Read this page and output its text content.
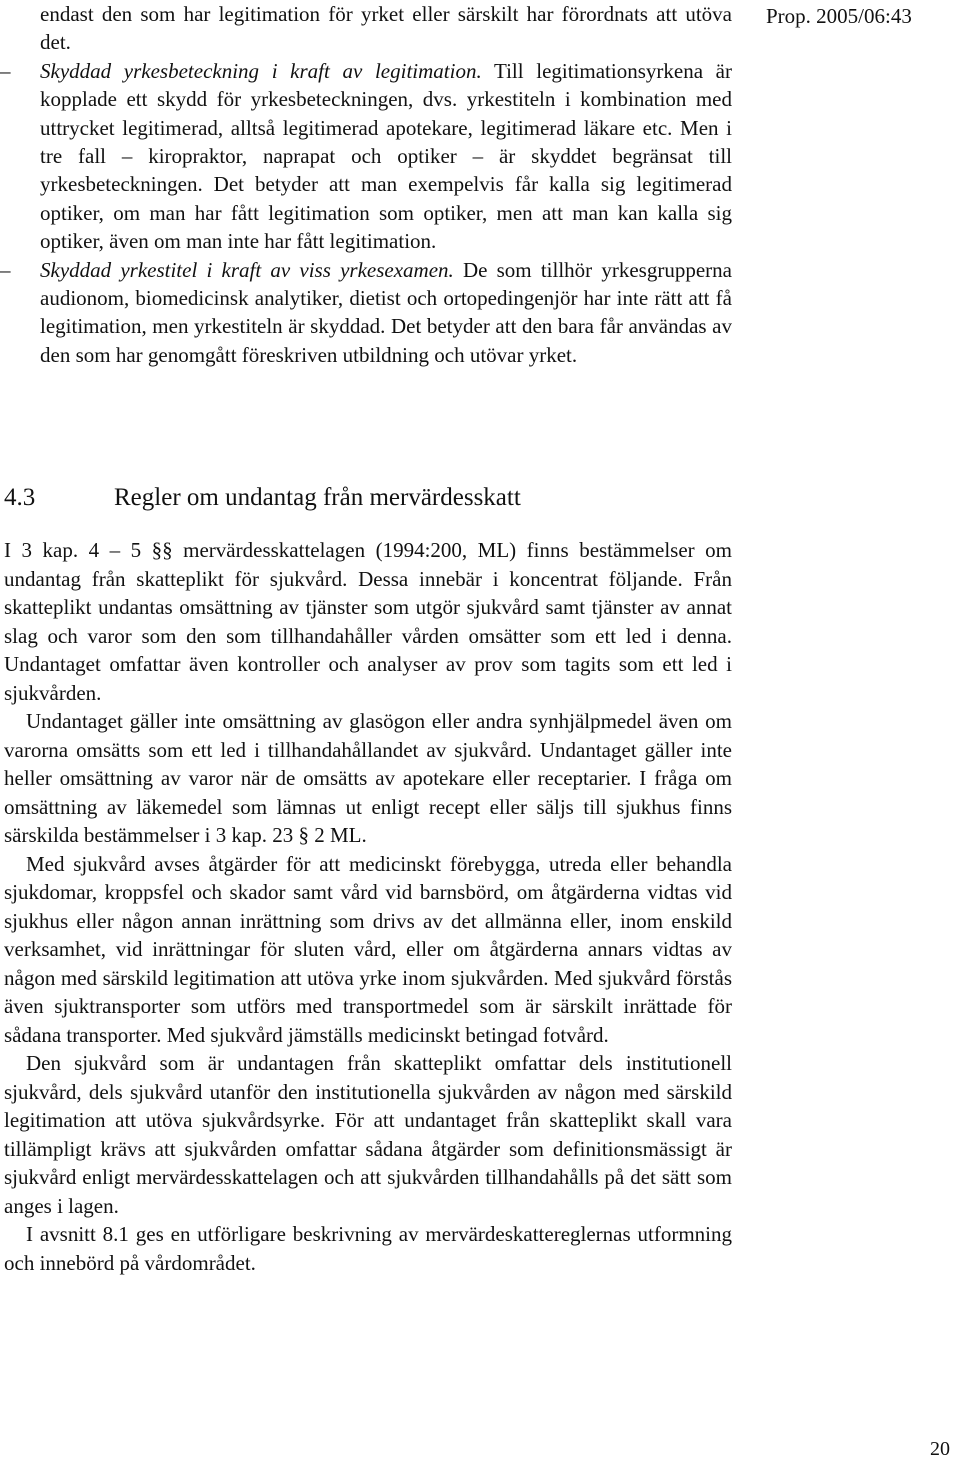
Prop. 2005/06:43

endast den som har legitimation för yrket eller särskilt har förordnats att utöva det.

– Skyddad yrkesbeteckning i kraft av legitimation. Till legitimationsyrkena är kopplade ett skydd för yrkesbeteckningen, dvs. yrkestiteln i kombination med uttrycket legitimerad, alltså legitimerad apotekare, legitimerad läkare etc. Men i tre fall – kiropraktor, naprapat och optiker – är skyddet begränsat till yrkesbeteckningen. Det betyder att man exempelvis får kalla sig legitimerad optiker, om man har fått legitimation som optiker, men att man kan kalla sig optiker, även om man inte har fått legitimation.

– Skyddad yrkestitel i kraft av viss yrkesexamen. De som tillhör yrkesgrupperna audionom, biomedicinsk analytiker, dietist och ortopedingenjör har inte rätt att få legitimation, men yrkestiteln är skyddad. Det betyder att den bara får användas av den som har genomgått föreskriven utbildning och utövar yrket.

4.3	Regler om undantag från mervärdesskatt

I 3 kap. 4 – 5 §§ mervärdesskattelagen (1994:200, ML) finns bestämmelser om undantag från skatteplikt för sjukvård. Dessa innebär i koncentrat följande. Från skatteplikt undantas omsättning av tjänster som utgör sjukvård samt tjänster av annat slag och varor som den som tillhandahåller vården omsätter som ett led i denna. Undantaget omfattar även kontroller och analyser av prov som tagits som ett led i sjukvården.

Undantaget gäller inte omsättning av glasögon eller andra synhjälpmedel även om varorna omsätts som ett led i tillhandahållandet av sjukvård. Undantaget gäller inte heller omsättning av varor när de omsätts av apotekare eller receptarier. I fråga om omsättning av läkemedel som lämnas ut enligt recept eller säljs till sjukhus finns särskilda bestämmelser i 3 kap. 23 § 2 ML.

Med sjukvård avses åtgärder för att medicinskt förebygga, utreda eller behandla sjukdomar, kroppsfel och skador samt vård vid barnsbörd, om åtgärderna vidtas vid sjukhus eller någon annan inrättning som drivs av det allmänna eller, inom enskild verksamhet, vid inrättningar för sluten vård, eller om åtgärderna annars vidtas av någon med särskild legitimation att utöva yrke inom sjukvården. Med sjukvård förstås även sjuktransporter som utförs med transportmedel som är särskilt inrättade för sådana transporter. Med sjukvård jämställs medicinskt betingad fotvård.

Den sjukvård som är undantagen från skatteplikt omfattar dels institutionell sjukvård, dels sjukvård utanför den institutionella sjukvården av någon med särskild legitimation att utöva sjukvårdsyrke. För att undantaget från skatteplikt skall vara tillämpligt krävs att sjukvården omfattar sådana åtgärder som definitionsmässigt är sjukvård enligt mervärdesskattelagen och att sjukvården tillhandahålls på det sätt som anges i lagen.

I avsnitt 8.1 ges en utförligare beskrivning av mervärdeskattereglernas utformning och innebörd på vårdområdet.

20
